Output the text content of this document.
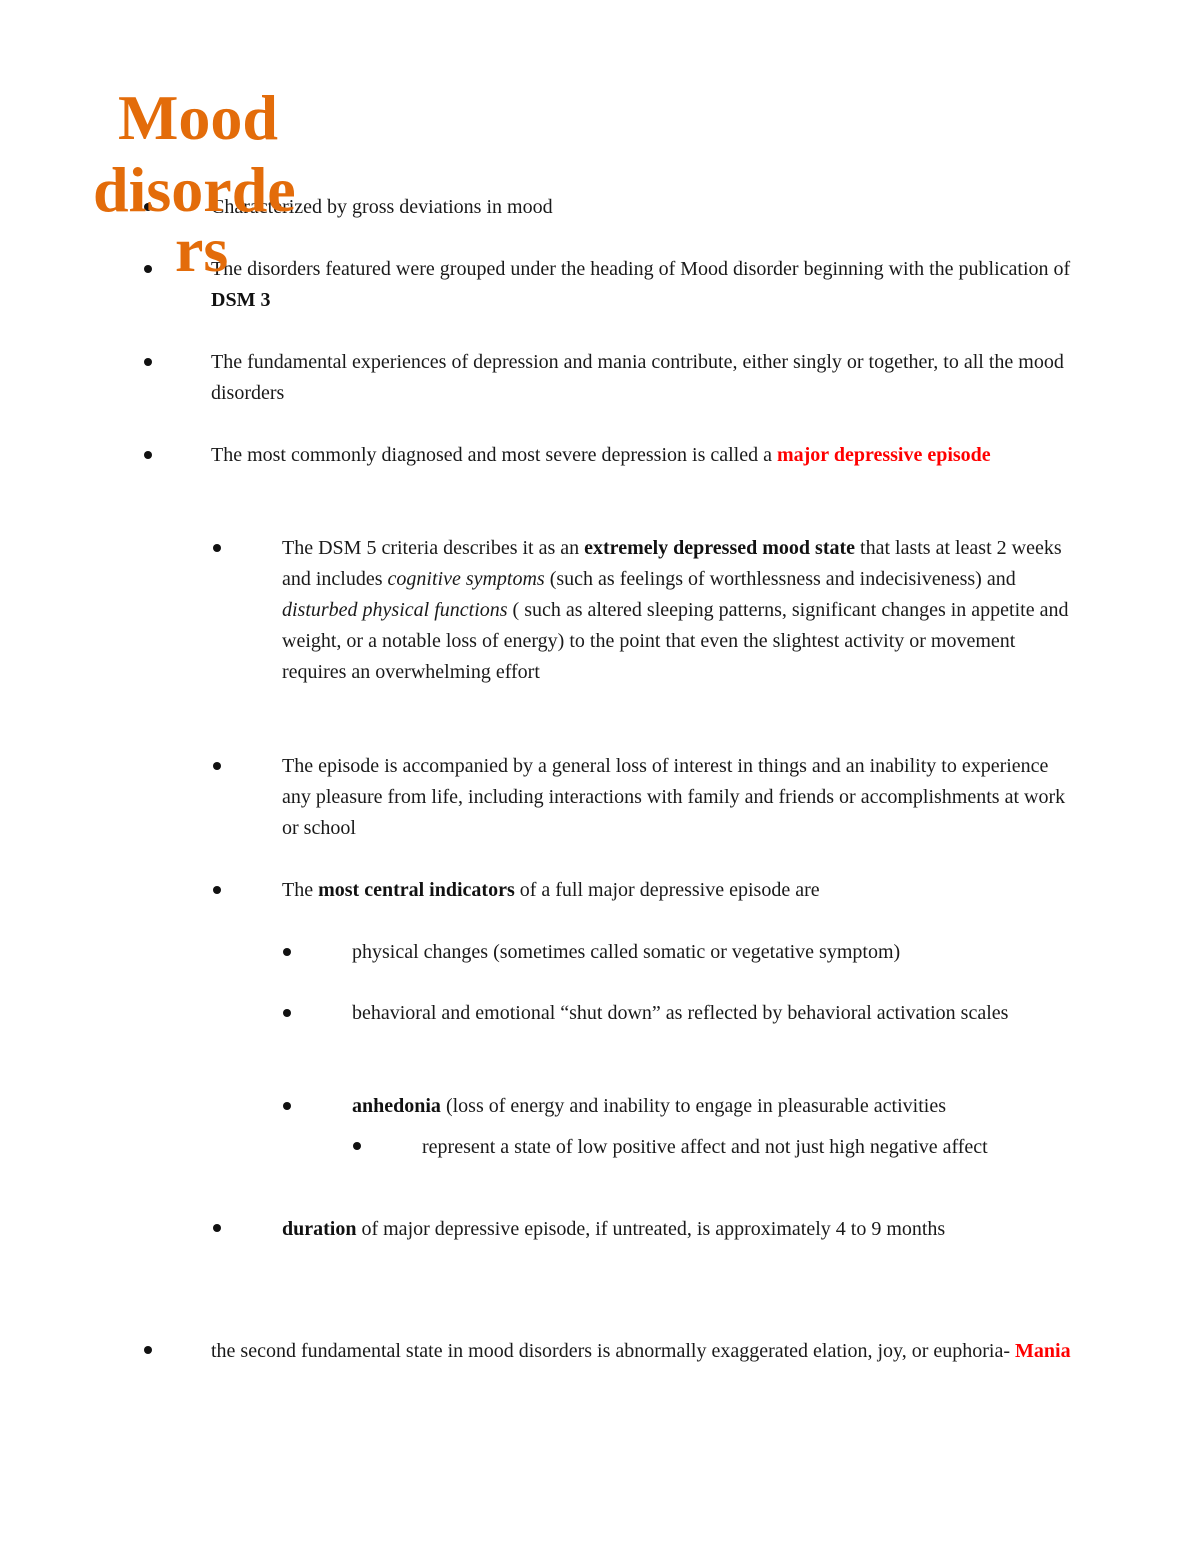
Mood
disorde
rs

Characterized by gross deviations in mood

The disorders featured were grouped under the heading of Mood disorder beginning with the publication of DSM 3

The fundamental experiences of depression and mania contribute, either singly or together, to all the mood disorders

The most commonly diagnosed and most severe depression is called a major depressive episode

The DSM 5 criteria describes it as an extremely depressed mood state that lasts at least 2 weeks and includes cognitive symptoms (such as feelings of worthlessness and indecisiveness) and disturbed physical functions ( such as altered sleeping patterns, significant changes in appetite and weight, or a notable loss of energy) to the point that even the slightest activity or movement requires an overwhelming effort

The episode is accompanied by a general loss of interest in things and an inability to experience any pleasure from life, including interactions with family and friends or accomplishments at work or school

The most central indicators of a full major depressive episode are

physical changes (sometimes called somatic or vegetative symptom)

behavioral and emotional “shut down” as reflected by behavioral activation scales

anhedonia (loss of energy and inability to engage in pleasurable activities

represent a state of low positive affect and not just high negative affect

duration of major depressive episode, if untreated, is approximately 4 to 9 months

the second fundamental state in mood disorders is abnormally exaggerated elation, joy, or euphoria- Mania
